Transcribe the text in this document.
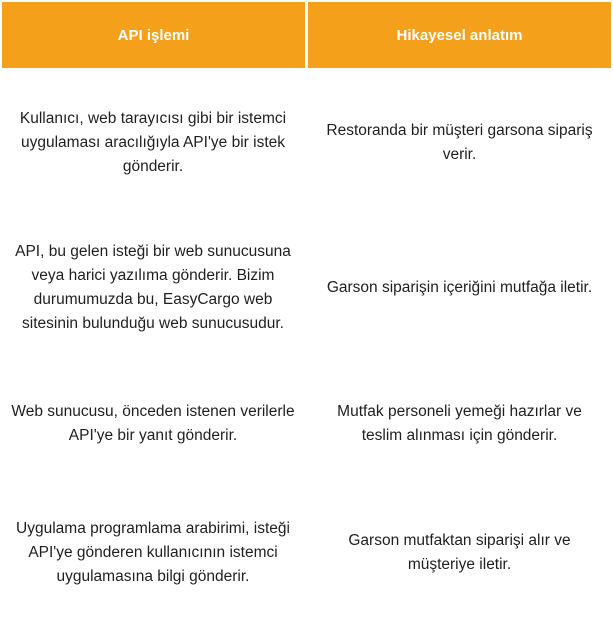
API işlemi	Hikayesel anlatım
Kullanıcı, web tarayıcısı gibi bir istemci uygulaması aracılığıyla API'ye bir istek gönderir.
Restoranda bir müşteri garsona sipariş verir.
API, bu gelen isteği bir web sunucusuna veya harici yazılıma gönderir. Bizim durumumuzda bu, EasyCargo web sitesinin bulunduğu web sunucusudur.
Garson siparişin içeriğini mutfağa iletir.
Web sunucusu, önceden istenen verilerle API'ye bir yanıt gönderir.
Mutfak personeli yemeği hazırlar ve teslim alınması için gönderir.
Uygulama programlama arabirimi, isteği API'ye gönderen kullanıcının istemci uygulamasına bilgi gönderir.
Garson mutfaktan siparişi alır ve müşteriye iletir.
